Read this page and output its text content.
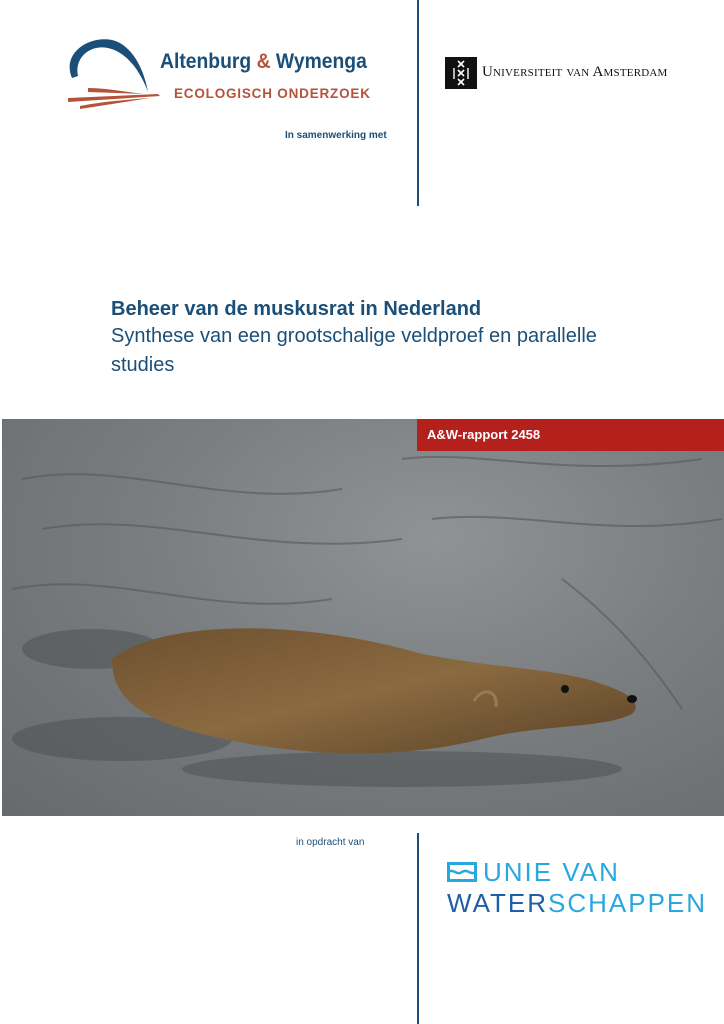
Altenburg & Wymenga
ECOLOGISCH ONDERZOEK
In samenwerking met
Universiteit van Amsterdam
Beheer van de muskusrat in Nederland
Synthese van een grootschalige veldproef en parallelle studies
A&W-rapport 2458
in opdracht van
UNIE VAN
WATERSCHAPPEN
